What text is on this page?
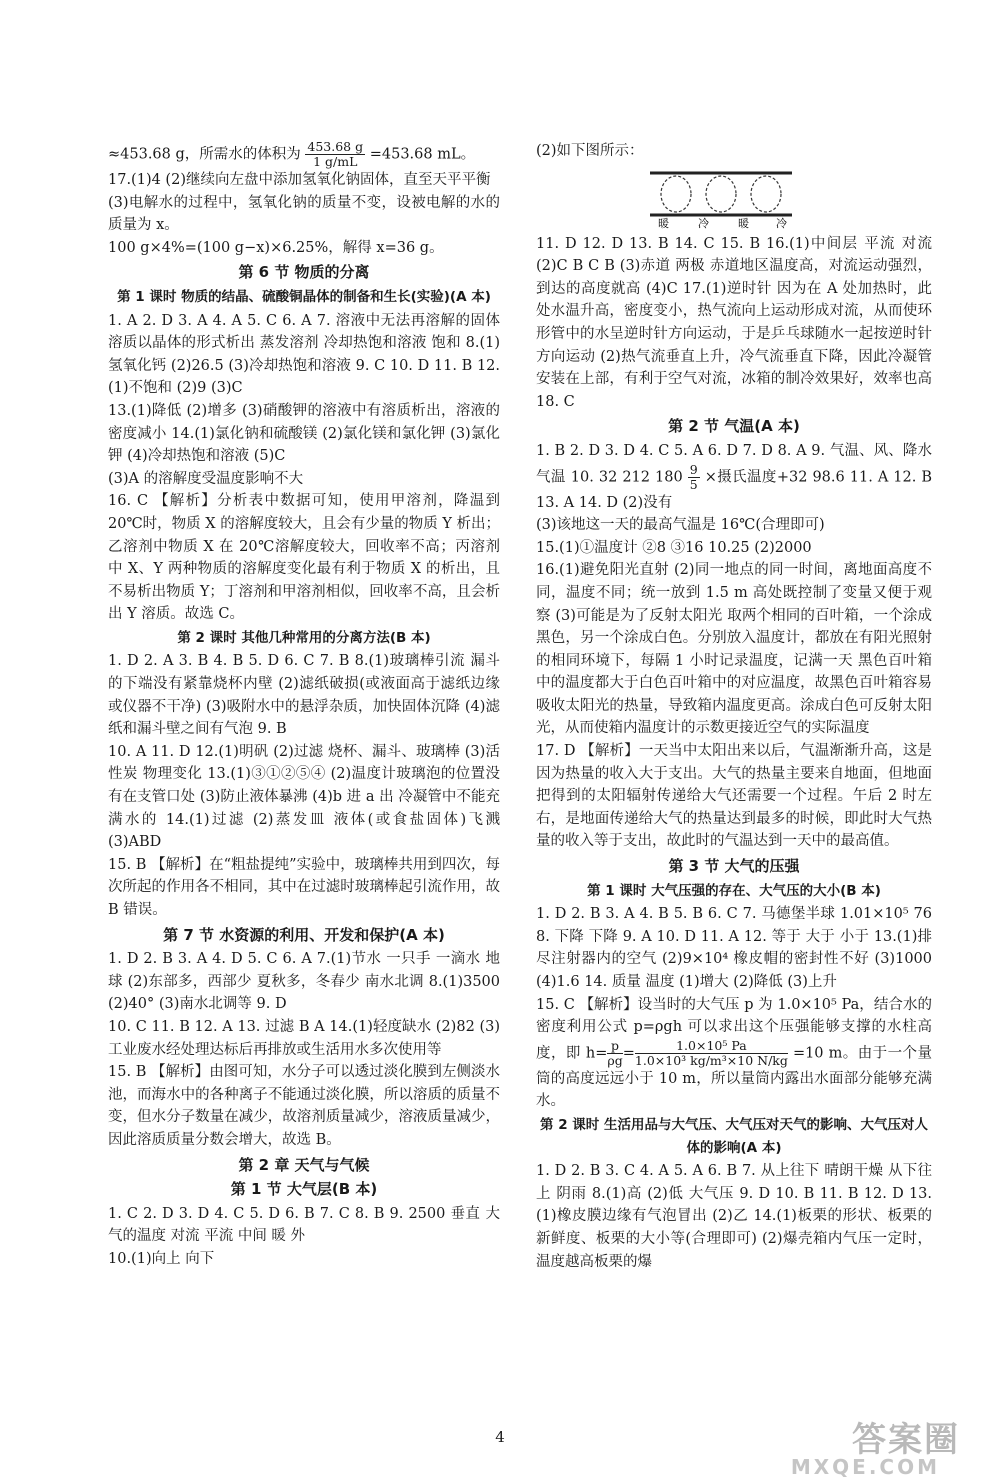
≈453.68 g，所需水的体积为 $\frac{453.68 g}{1 g/mL} =453.68$ mL。

17.(1)4 (2)继续向左盘中添加氢氧化钠固体，直至天平平衡

(3)电解水的过程中，氢氧化钠的质量不变，设被电解的水的质量为 x。

100 g×4%=(100 g−x)×6.25%，解得 x=36 g。

第 6 节 物质的分离
第 1 课时 物质的结晶、硫酸铜晶体的制备和生长(实验)(A 本)

1. A 2. D 3. A 4. A 5. C 6. A 7. 溶液中无法再溶解的固体溶质以晶体的形式析出 蒸发溶剂 冷却热饱和溶液 饱和 8.(1)氢氧化钙 (2)26.5 (3)冷却热饱和溶液 9. C 10. D 11. B 12.(1)不饱和 (2)9 (3)C

13.(1)降低 (2)增多 (3)硝酸钾的溶液中有溶质析出，溶液的密度减小 14.(1)氯化钠和硫酸镁 (2)氯化镁和氯化钾 (3)氯化钾 (4)冷却热饱和溶液 (5)C

(3)A 的溶解度受温度影响不大

16. C 【解析】分析表中数据可知，使用甲溶剂，降温到 20℃时，物质 X 的溶解度较大，且会有少量的物质 Y 析出；乙溶剂中物质 X 在 20℃溶解度较大，回收率不高；丙溶剂中 X、Y 两种物质的溶解度变化最有利于物质 X 的析出，且不易析出物质 Y；丁溶剂和甲溶剂相似，回收率不高，且会析出 Y 溶质。故选 C。

第 2 课时 其他几种常用的分离方法(B 本)

1. D 2. A 3. B 4. B 5. D 6. C 7. B 8.(1)玻璃棒引流 漏斗的下端没有紧靠烧杯内壁 (2)滤纸破损(或液面高于滤纸边缘或仪器不干净) (3)吸附水中的悬浮杂质，加快固体沉降 (4)滤纸和漏斗壁之间有气泡 9. B

10. A 11. D 12.(1)明矾 (2)过滤 烧杯、漏斗、玻璃棒 (3)活性炭 物理变化 13.(1)③①②⑤④ (2)温度计玻璃泡的位置没有在支管口处 (3)防止液体暴沸 (4)b 进 a 出 冷凝管中不能充满水的 14.(1)过滤 (2)蒸发皿 液体(或食盐固体)飞溅 (3)ABD

15. B 【解析】在“粗盐提纯”实验中，玻璃棒共用到四次，每次所起的作用各不相同，其中在过滤时玻璃棒起引流作用，故 B 错误。

第 7 节 水资源的利用、开发和保护(A 本)

1. D 2. B 3. A 4. D 5. C 6. A 7.(1)节水 一只手 一滴水 地球 (2)东部多，西部少 夏秋多，冬春少 南水北调 8.(1)3500 (2)40° (3)南水北调等 9. D

10. C 11. B 12. A 13. 过滤 B A 14.(1)轻度缺水 (2)82 (3)工业废水经处理达标后再排放或生活用水多次使用等

15. B 【解析】由图可知，水分子可以透过淡化膜到左侧淡水池，而海水中的各种离子不能通过淡化膜，所以溶质的质量不变，但水分子数量在减少，故溶剂质量减少，溶液质量减少，因此溶质质量分数会增大，故选 B。

第 2 章 天气与气候
第 1 节 大气层(B 本)

1. C 2. D 3. D 4. C 5. D 6. B 7. C 8. B 9. 2500 垂直 大气的温度 对流 平流 中间 暖 外

10.(1)向上 向下

(2)如下图所示：

暖	冷	暖 冷

11. D 12. D 13. B 14. C 15. B 16.(1)中间层 平流 对流 (2)C B C B (3)赤道 两极 赤道地区温度高，对流运动强烈，到达的高度就高 (4)C 17.(1)逆时针 因为在 A 处加热时，此处水温升高，密度变小，热气流向上运动形成对流，从而使环形管中的水呈逆时针方向运动，于是乒乓球随水一起按逆时针方向运动 (2)热气流垂直上升，冷气流垂直下降，因此冷凝管安装在上部，有利于空气对流，冰箱的制冷效果好，效率也高 18. C

第 2 节 气温(A 本)

1. B 2. D 3. D 4. C 5. A 6. D 7. D 8. A 9. 气温、风、降水 气温 10. 32 212 $180 \frac{9}{5}$ ×摄氏温度+32 98.6 11. A 12. B 13. A 14. D (2)没有

(3)该地这一天的最高气温是 16℃(合理即可)

15.(1)①温度计 ②8 ③16 10.25 (2)2000

16.(1)避免阳光直射 (2)同一地点的同一时间，离地面高度不同，温度不同；统一放到 1.5 m 高处既控制了变量又便于观察 (3)可能是为了反射太阳光 取两个相同的百叶箱，一个涂成黑色，另一个涂成白色。分别放入温度计，都放在有阳光照射的相同环境下，每隔 1 小时记录温度，记满一天 黑色百叶箱中的温度都大于白色百叶箱中的对应温度，故黑色百叶箱容易吸收太阳光的热量，导致箱内温度更高。涂成白色可反射太阳光，从而使箱内温度计的示数更接近空气的实际温度

17. D 【解析】一天当中太阳出来以后，气温渐渐升高，这是因为热量的收入大于支出。大气的热量主要来自地面，但地面把得到的太阳辐射传递给大气还需要一个过程。午后 2 时左右，是地面传递给大气的热量达到最多的时候，即此时大气热量的收入等于支出，故此时的气温达到一天中的最高值。

第 3 节 大气的压强
第 1 课时 大气压强的存在、大气压的大小(B 本)

1. D 2. B 3. A 4. B 5. B 6. C 7. 马德堡半球 1.01×10⁵ 76 8. 下降 下降 9. A 10. D 11. A 12. 等于 大于 小于 13.(1)排尽注射器内的空气 (2)9×10⁴ 橡皮帽的密封性不好 (3)1000 (4)1.6 14. 质量 温度 (1)增大 (2)降低 (3)上升

15. C 【解析】设当时的大气压 p 为 1.0×10⁵ Pa，结合水的密度利用公式 p=ρgh 可以求出这个压强能够支撑的水柱高度，即 $h= \frac{p}{\rho g} = \frac{\text{1.0×10⁵ Pa}}{\text{1.0×10³ kg/m³×10 N/kg}} =10$ m。由于一个量筒的高度远远小于 10 m，所以量筒内露出水面部分能够充满水。

第 2 课时 生活用品与大气压、大气压对天气的影响、大气压对人体的影响(A 本)

1. D 2. B 3. C 4. A 5. A 6. B 7. 从上往下 晴朗干燥 从下往上 阴雨 8.(1)高 (2)低 大气压 9. D 10. B 11. B 12. D 13.(1)橡皮膜边缘有气泡冒出 (2)乙 14.(1)板栗的形状、板栗的新鲜度、板栗的大小等(合理即可) (2)爆壳箱内气压一定时，温度越高板栗的爆

4	答案圈
MXQE.COM
